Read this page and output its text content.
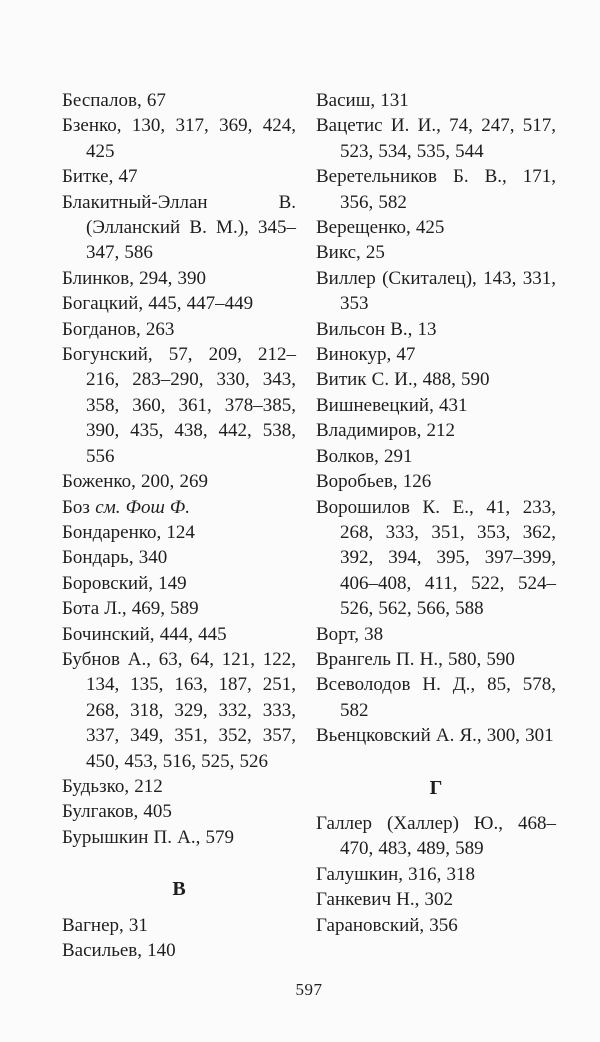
Беспалов, 67

Бзенко, 130, 317, 369, 424, 425

Битке, 47

Блакитный-Эллан В. (Элланский В. М.), 345–347, 586

Блинков, 294, 390

Богацкий, 445, 447–449

Богданов, 263

Богунский, 57, 209, 212–216, 283–290, 330, 343, 358, 360, 361, 378–385, 390, 435, 438, 442, 538, 556

Боженко, 200, 269

Боз см. Фош Ф.

Бондаренко, 124

Бондарь, 340

Боровский, 149

Бота Л., 469, 589

Бочинский, 444, 445

Бубнов А., 63, 64, 121, 122, 134, 135, 163, 187, 251, 268, 318, 329, 332, 333, 337, 349, 351, 352, 357, 450, 453, 516, 525, 526

Будьзко, 212

Булгаков, 405

Бурышкин П. А., 579

В

Вагнер, 31

Васильев, 140

Васиш, 131

Вацетис И. И., 74, 247, 517, 523, 534, 535, 544

Веретельников Б. В., 171, 356, 582

Верещенко, 425

Викс, 25

Виллер (Скиталец), 143, 331, 353

Вильсон В., 13

Винокур, 47

Витик С. И., 488, 590

Вишневецкий, 431

Владимиров, 212

Волков, 291

Воробьев, 126

Ворошилов К. Е., 41, 233, 268, 333, 351, 353, 362, 392, 394, 395, 397–399, 406–408, 411, 522, 524–526, 562, 566, 588

Ворт, 38

Врангель П. Н., 580, 590

Всеволодов Н. Д., 85, 578, 582

Вьенцковский А. Я., 300, 301

Г

Галлер (Халлер) Ю., 468–470, 483, 489, 589

Галушкин, 316, 318

Ганкевич Н., 302

Гарановский, 356

597
